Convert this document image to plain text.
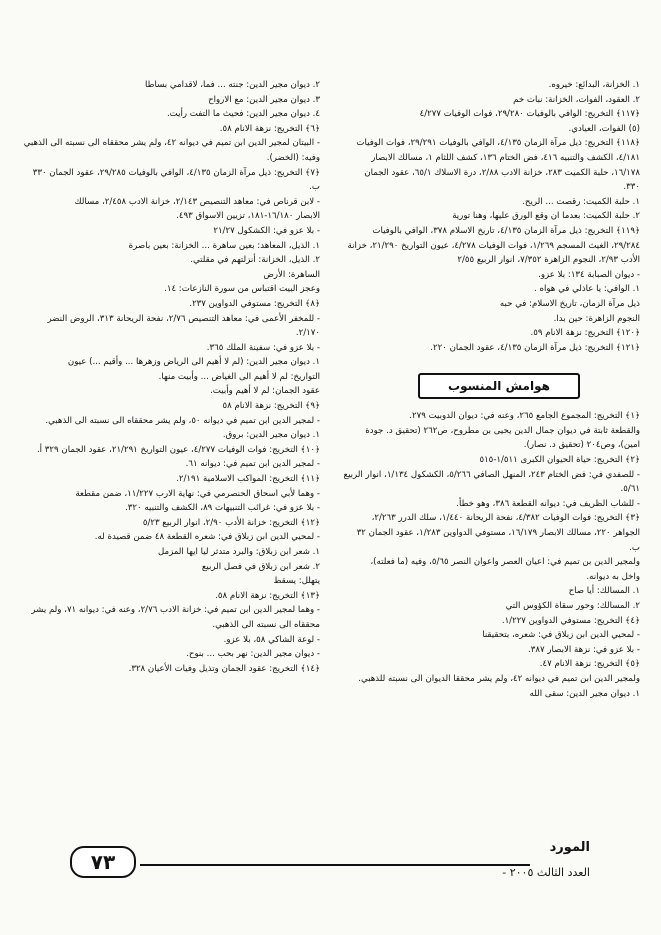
١. الخزانة، البدائع: خيروه.

٢. العقود، الفوات، الخزانة: نبات خم

﴿١١٧﴾ التخريج: الوافي بالوفيات ٢٩/٢٨٠، فوات الوفيات ٤/٢٧٧

(٥) الفوات، العيادي.

﴿١١٨﴾ التخريج: ذيل مرآة الزمان ٤/١٣٥، الوافي بالوفيات ٢٩/٢٩١، فوات الوفيات

٤/١٨١، الكشف والتنبيه ٤١٦، فض الختام ١٣٦، كشف اللثام ١، مسالك الابصار

١٦/١٧٨، حلبة الكميت ٢٨٣، خزانة الادب ٢/٨٨، درة الاسلاك ٦٥/١، عقود الجمان

٣٣٠.

١. حلبة الكميت: رقصت ... الريح.

٢. حلبة الكميت: بعدما ان وقع الورق عليها، وهنا تورية

﴿١١٩﴾ التخريج: ذيل مرآة الزمان ٤/١٣٥، تاريخ الاسلام ٣٧٨، الوافي بالوفيات

٢٩/٢٨٤، الغيث المسجم ١/٢٦٩، فوات الوفيات ٤/٢٧٨، عيون التواريخ ٢١/٢٩٠، خزانة

الأدب ٢/٩٣، النجوم الزاهرة ٧/٣٥٢، انوار الربيع ٢/٥٥

- ديوان الصبابة ١٣٤: بلا عزو.

١. الوافي: يا عاذلي في هواه .

ذيل مرآة الزمان، تاريخ الاسلام: في حبه

النجوم الزاهرة: حين بدا.

﴿١٢٠﴾ التخريج: نزهة الانام ٥٩.

﴿١٢١﴾ التخريج: ذيل مرآة الزمان ٤/١٣٥، عقود الجمان ٢٢٠.

هوامش المنسوب

﴿١﴾ التخريج: المجموع الجامع ٢٦٥، وعنه في: ديوان الدوبيت ٢٧٩.

والقطعة ثابتة في ديوان جمال الدين يحيى بن مطروح، ص٢٦٢ (تحقيق د. جودة

امين)، وص٢٠٤ (تحقيق د. نصار).

﴿٢﴾ التخريج: حياة الحيوان الكبرى ١/٥١١-٥١٥

- للصفدي في: فض الختام ٢٤٣، المنهل الصافي ٥/٢٦٦، الكشكول ١/١٣٤، انوار الربيع

٥/٦١.

- للشاب الظريف في: ديوانه القطعة ٣٨٦، وهو خطأ.

﴿٣﴾ التخريج: فوات الوفيات ٤/٣٨٢، نفحة الريحانة ١/٤٤٠، سلك الدرر ٢/٢٦٣،

الجواهر ٢٢٠، مسالك الابصار ١٦/١٧٩، مستوفي الدواوين ١/٢٨٣، عقود الجمان ٣٢

ب.

ولمجير الدين بن تميم في: اعيان العصر واعوان النصر ٥/٦٥، وفيه (ما فعلته)،

واخل به ديوانه.

١. المسالك: أيا صاح

٢. المسالك: وحور سقاة الكؤوس التي

﴿٤﴾ التخريج: مستوفي الدواوين ١/٢٢٧.

- لمحيي الدين ابن زبلاق في: شعره، بتحقيقنا

- بلا عزو في: نزهة الابصار ٣٨٧.

﴿٥﴾ التخريج: نزهة الانام ٤٧.

ولمجير الدين ابن تميم في ديوانه ٤٢، ولم يشر محققا الديوان الى نسبته للذهبي.

١. ديوان مجير الدين: سقى الله

٢. ديوان مجير الدين: جنته ... فما، لاقدامي بساطا

٣. ديوان مجير الدين: مع الارواح

٤. ديوان مجير الدين: فحيث ما التفت رأيت.

﴿٦﴾ التخريج: نزهة الانام ٥٨.

- البيتان لمجير الدين ابن تميم في ديوانه ٤٢، ولم يشر محققاه الى نسبته الى الذهبي

وفيه: (الخضر).

﴿٧﴾ التخريج: ذيل مرآة الزمان ٤/١٣٥، الوافي بالوفيات ٢٩/٢٨٥، عقود الجمان ٣٣٠

ب.

- لابن قرناص في: معاهد التنصيص ٢/١٤٣، خزانة الادب ٢/٤٥٨، مسالك

الابصار ١٦/١٨٠-١٨١، تزيين الاسواق ٤٩٣.

- بلا عزو في: الكشكول ٢١/٢٧

١. الذيل، المعاهد: بعين ساهرة ... الخزانة: بعين باصرة

٢. الذيل، الخزانة: أنزلتهم في مقلتي.

الساهرة: الأرض

وعجز البيت اقتباس من سورة النازعات: ١٤.

﴿٨﴾ التخريج: مستوفي الدواوين ٢٣٧.

- للمخفر الأعمى في: معاهد التنصيص ٢/٧٦، نفحة الريحانة ٣١٣، الروض النضر

٢/١٧٠.

- بلا عزو في: سفينة الملك ٣٦٥.

١. ديوان مجير الدين: (لم لا أهيم الى الرياض وزهرها ... وأقيم ...) عيون

التواريخ: لم لا أهيم الى الغياض ... وأبيت منها.

عقود الجمان: لم لا أهيم وأبيت.

﴿٩﴾ التخريج: نزهة الانام ٥٨

- لمجير الدين ابن تميم في ديوانه ٥٠، ولم يشر محققاه الى نسبته الى الذهبي.

١. ديوان مجير الدين: بروق.

﴿١٠﴾ التخريج: فوات الوفيات ٤/٢٧٧، عيون التواريخ ٢١/٢٩١، عقود الجمان ٣٢٩ أ.

- لمجير الدين ابن تميم في: ديوانه ٦١.

﴿١١﴾ التخريج: المواكب الاسلامية ٢/١٩١.

- وهما لأبي اسحاق الحنصرمي في: نهاية الارب ١١/٢٢٧، ضمن مقطعة

- بلا عزو في: غرائب التنبيهات ٨٩، الكشف والتنبيه ٣٢٠.

﴿١٢﴾ التخريج: خزانة الأدب ٢/٩٠، انوار الربيع ٥/٢٣

- لمحيي الدين ابن زبلاق في: شعره القطعة ٤٨ ضمن قصيدة له.

١. شعر ابن زبلاق: والبرد متدثر ليا ايها المزمل

٢. شعر ابن زبلاق في فصل الربيع

يتهلل: يسقط

﴿١٣﴾ التخريج: نزهة الانام ٥٨.

- وهما لمجير الدين ابن تميم في: خزانة الادب ٢/٧٦، وعنه في: ديوانه ٧١، ولم يشر

محققاه الى نسبته الى الذهبي.

- لوعة الشاكي ٥٨، بلا عزو.

- ديوان مجير الدين: نهر بحب ... بنوح.

﴿١٤﴾ التخريج: عقود الجمان وتذيل وفيات الأعيان ٣٢٨.

٧٣
المورد
العدد الثالث ٢٠٠٥ -
